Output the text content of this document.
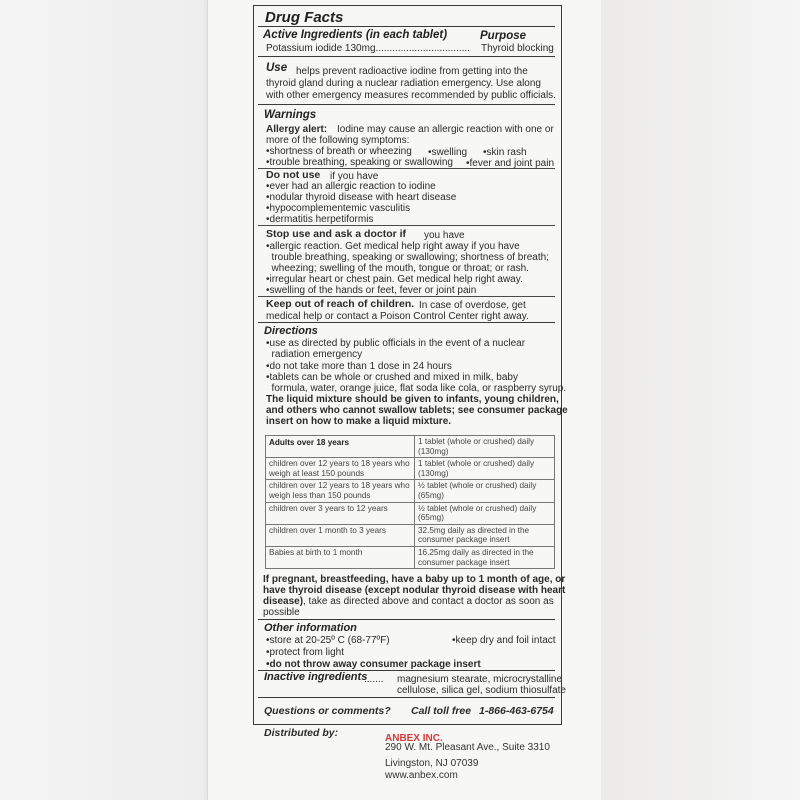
Drug Facts
Active Ingredients (in each tablet)	Purpose
Potassium iodide 130mg.................................. Thyroid blocking
Use helps prevent radioactive iodine from getting into the
thyroid gland during a nuclear radiation emergency. Use along
with other emergency measures recommended by public officials.
Warnings
Allergy alert: Iodine may cause an allergic reaction with one or
more of the following symptoms:
•shortness of breath or wheezing •swelling •skin rash
•trouble breathing, speaking or swallowing •fever and joint pain
Do not use if you have
•ever had an allergic reaction to iodine
•nodular thyroid disease with heart disease
•hypocomplementemic vasculitis
•dermatitis herpetiformis
Stop use and ask a doctor if you have
•allergic reaction. Get medical help right away if you have
trouble breathing, speaking or swallowing; shortness of breath;
wheezing; swelling of the mouth, tongue or throat; or rash.
•irregular heart or chest pain. Get medical help right away.
•swelling of the hands or feet, fever or joint pain
Keep out of reach of children. In case of overdose, get
medical help or contact a Poison Control Center right away.
Directions
•use as directed by public officials in the event of a nuclear
radiation emergency
•do not take more than 1 dose in 24 hours
•tablets can be whole or crushed and mixed in milk, baby
formula, water, orange juice, flat soda like cola, or raspberry syrup.
The liquid mixture should be given to infants, young children,
and others who cannot swallow tablets; see consumer package
insert on how to make a liquid mixture.
Adults over 18 years	1 tablet (whole or crushed) daily (130mg)
children over 12 years to 18 years who weigh at least 150 pounds	1 tablet (whole or crushed) daily (130mg)
children over 12 years to 18 years who weigh less than 150 pounds	½ tablet (whole or crushed) daily (65mg)
children over 3 years to 12 years	½ tablet (whole or crushed) daily (65mg)
children over 1 month to 3 years	32.5mg daily as directed in the consumer package insert
Babies at birth to 1 month	16.25mg daily as directed in the consumer package insert
If pregnant, breastfeeding, have a baby up to 1 month of age, or
have thyroid disease (except nodular thyroid disease with heart
disease) , take as directed above and contact a doctor as soon as
possible
Other information
•store at 20-25º C (68-77ºF)	•keep dry and foil intact
•protect from light
•do not throw away consumer package insert
Inactive ingredients
....... magnesium stearate, microcrystalline
cellulose, silica gel, sodium thiosulfate
Questions or comments? Call toll free 1-866-463-6754
Distributed by:	ANBEX INC.
290 W. Mt. Pleasant Ave., Suite 3310
Livingston, NJ 07039
www.anbex.com
